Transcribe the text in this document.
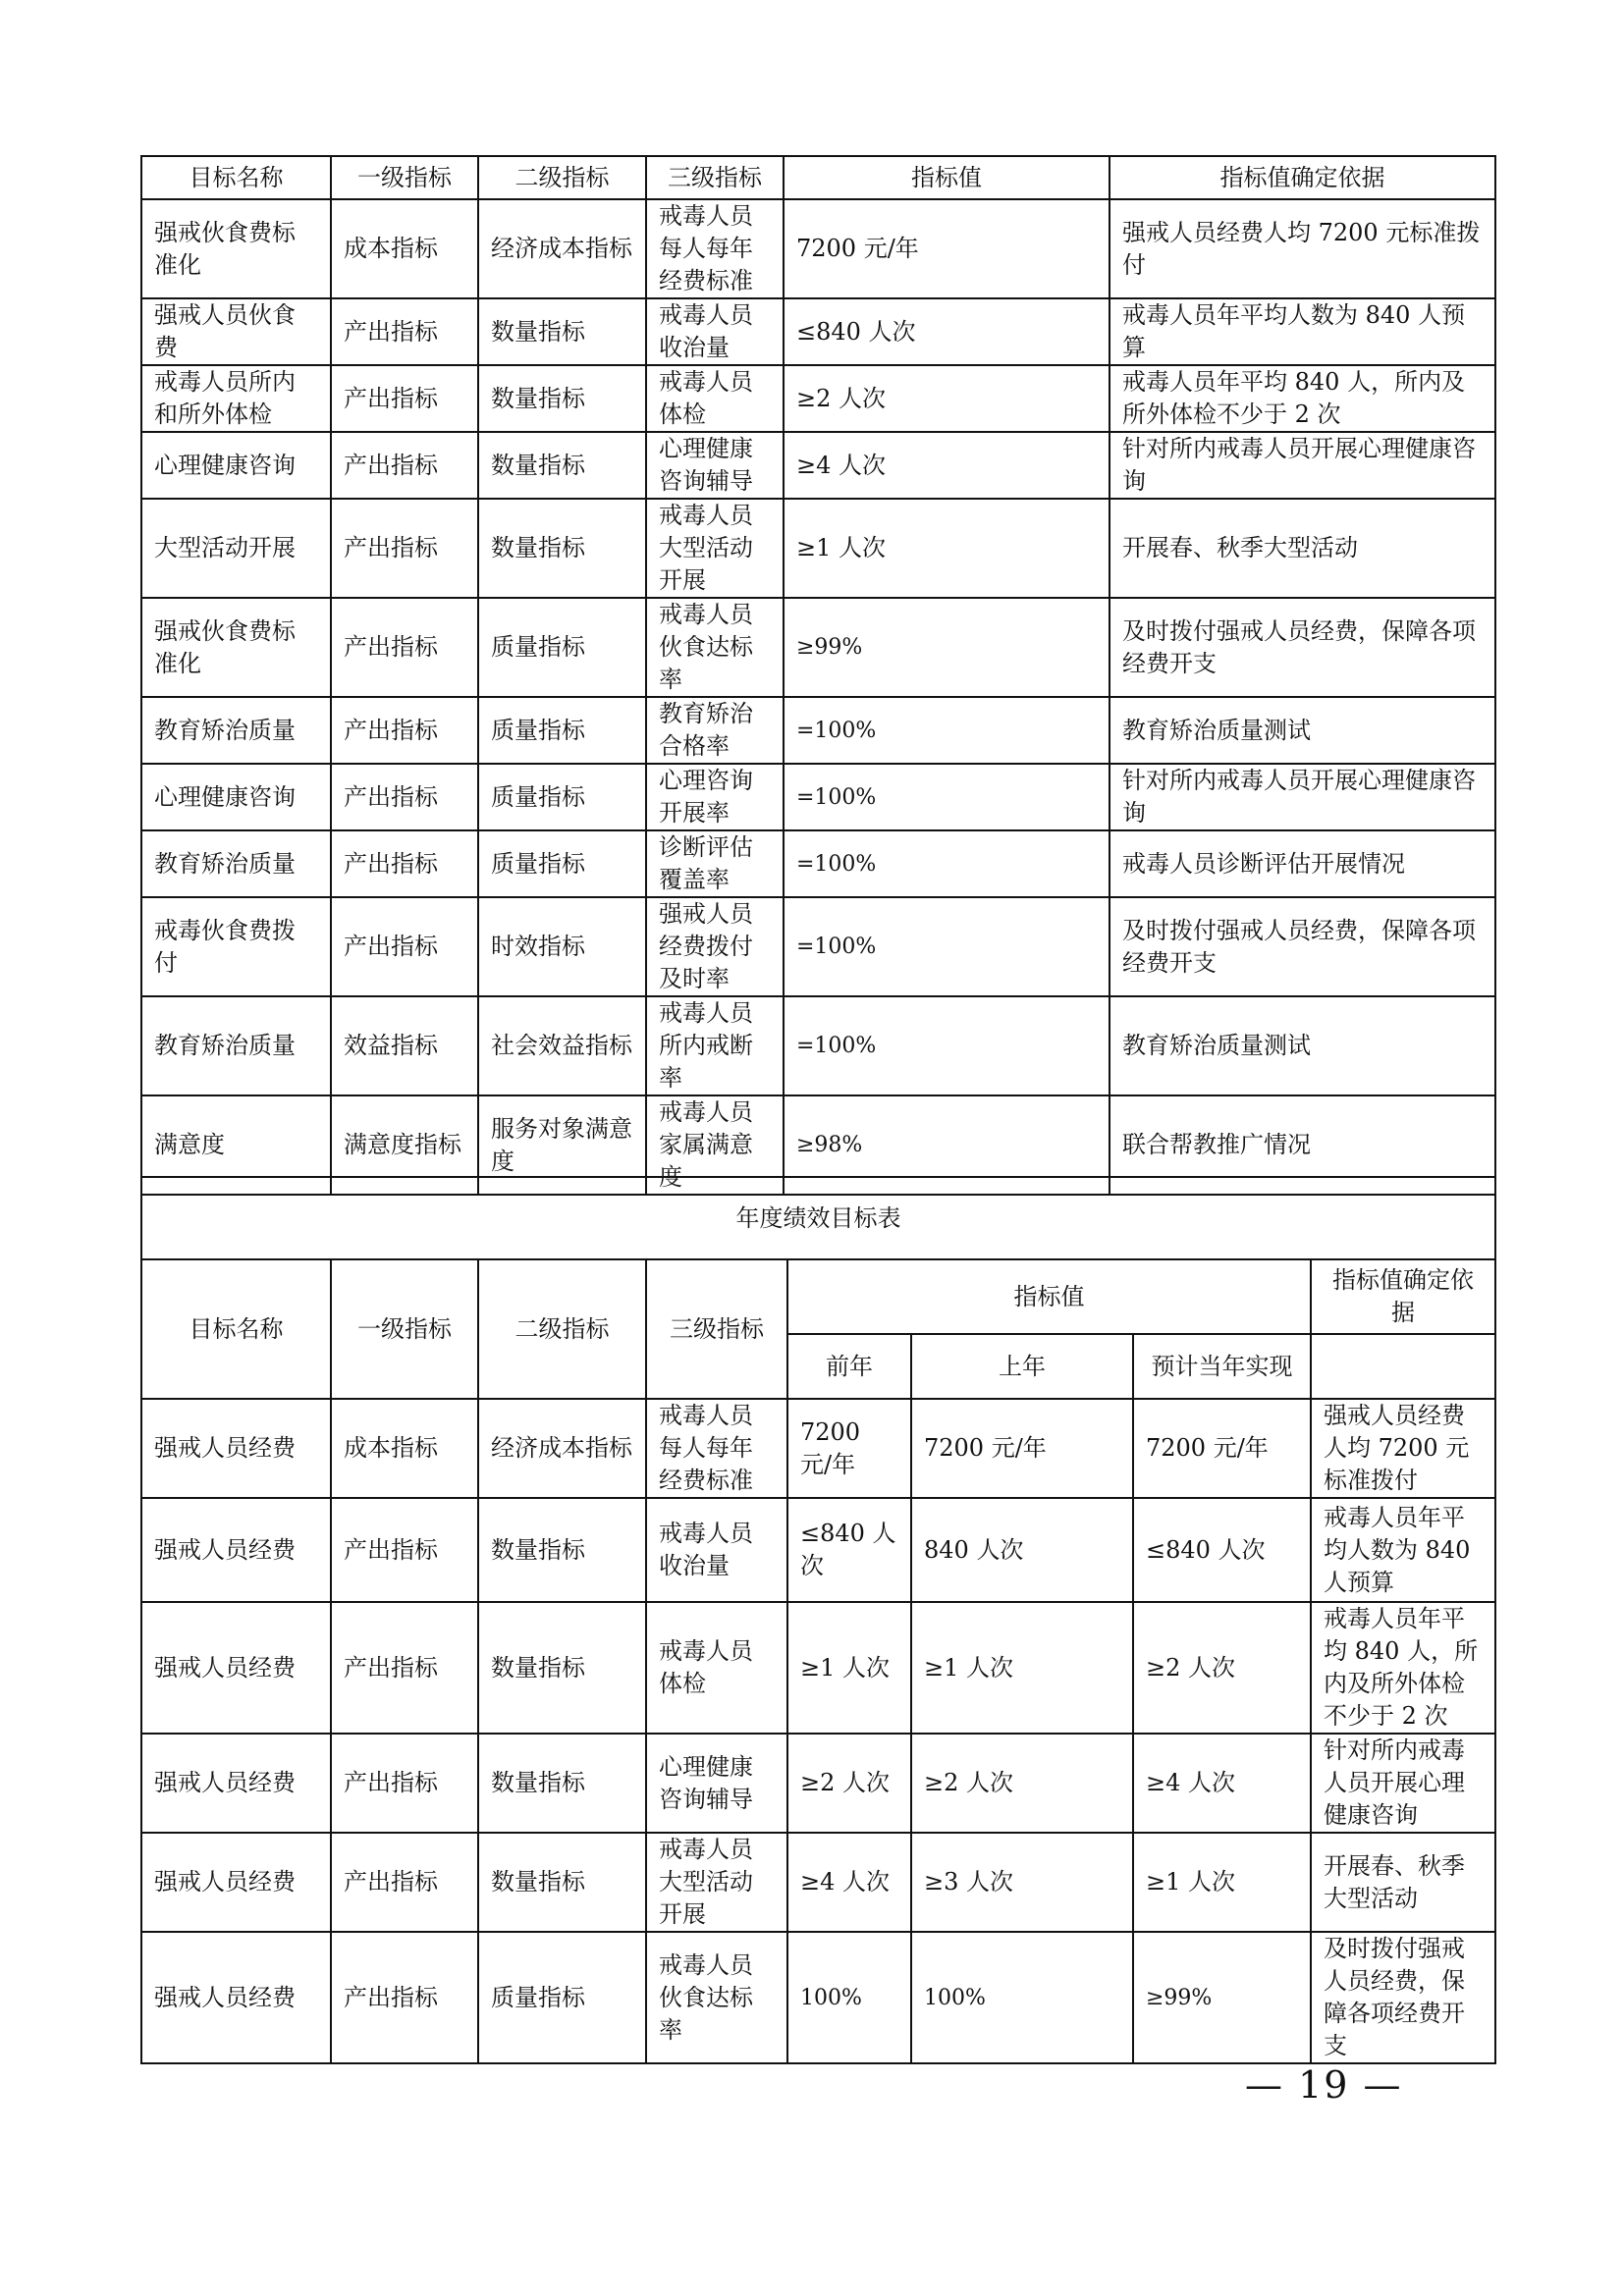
目标名称	一级指标	二级指标	三级指标	指标值	指标值确定依据
强戒伙食费标准化	成本指标	经济成本指标	戒毒人员每人每年经费标准	7200 元/年	强戒人员经费人均 7200 元标准拨付
强戒人员伙食费	产出指标	数量指标	戒毒人员收治量	≤840 人次	戒毒人员年平均人数为 840 人预算
戒毒人员所内和所外体检	产出指标	数量指标	戒毒人员体检	≥2 人次	戒毒人员年平均 840 人，所内及所外体检不少于 2 次
心理健康咨询	产出指标	数量指标	心理健康咨询辅导	≥4 人次	针对所内戒毒人员开展心理健康咨询
大型活动开展	产出指标	数量指标	戒毒人员大型活动开展	≥1 人次	开展春、秋季大型活动
强戒伙食费标准化	产出指标	质量指标	戒毒人员伙食达标率	≥99%	及时拨付强戒人员经费，保障各项经费开支
教育矫治质量	产出指标	质量指标	教育矫治合格率	=100%	教育矫治质量测试
心理健康咨询	产出指标	质量指标	心理咨询开展率	=100%	针对所内戒毒人员开展心理健康咨询
教育矫治质量	产出指标	质量指标	诊断评估覆盖率	=100%	戒毒人员诊断评估开展情况
戒毒伙食费拨付	产出指标	时效指标	强戒人员经费拨付及时率	=100%	及时拨付强戒人员经费，保障各项经费开支
教育矫治质量	效益指标	社会效益指标	戒毒人员所内戒断率	=100%	教育矫治质量测试
满意度	满意度指标	服务对象满意度	戒毒人员家属满意度	≥98%	联合帮教推广情况
年度绩效目标表							
目标名称	一级指标	二级指标	三级指标	指标值			指标值确定依据
				前年	上年	预计当年实现	
强戒人员经费	成本指标	经济成本指标	戒毒人员每人每年经费标准	7200 元/年	7200 元/年	7200 元/年	强戒人员经费人均 7200 元标准拨付
强戒人员经费	产出指标	数量指标	戒毒人员收治量	≤840 人次	840 人次	≤840 人次	戒毒人员年平均人数为 840 人预算
强戒人员经费	产出指标	数量指标	戒毒人员体检	≥1 人次	≥1 人次	≥2 人次	戒毒人员年平均 840 人，所内及所外体检不少于 2 次
强戒人员经费	产出指标	数量指标	心理健康咨询辅导	≥2 人次	≥2 人次	≥4 人次	针对所内戒毒人员开展心理健康咨询
强戒人员经费	产出指标	数量指标	戒毒人员大型活动开展	≥4 人次	≥3 人次	≥1 人次	开展春、秋季大型活动
强戒人员经费	产出指标	质量指标	戒毒人员伙食达标率	100%	100%	≥99%	及时拨付强戒人员经费，保障各项经费开支
— 19 —
